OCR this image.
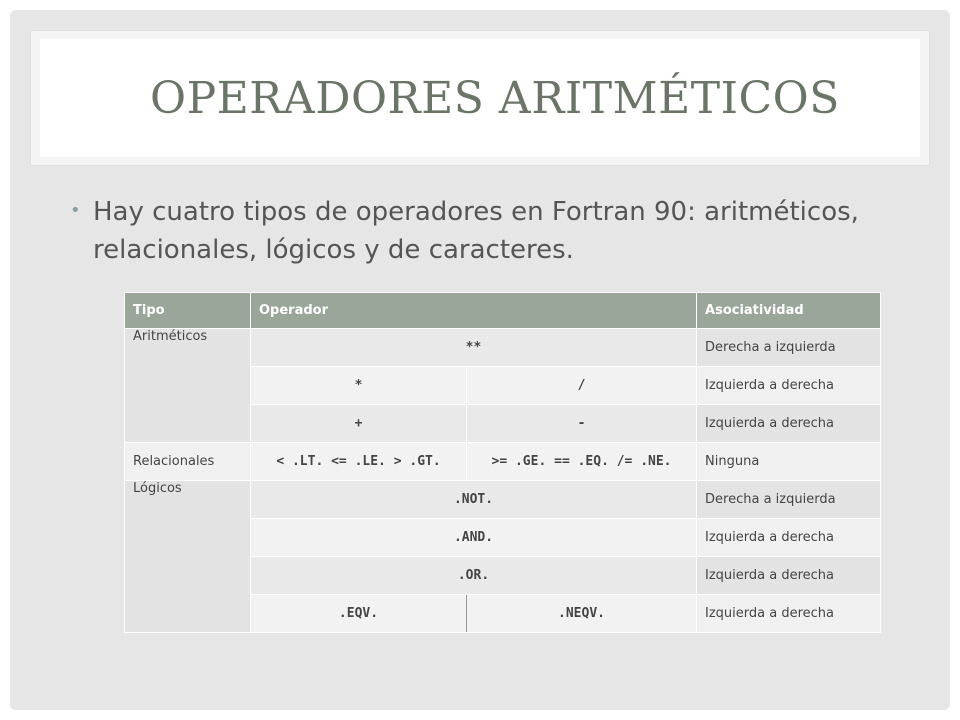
OPERADORES ARITMÉTICOS
• Hay cuatro tipos de operadores en Fortran 90: aritméticos, relacionales, lógicos y de caracteres.
Tipo	Operador		Asociatividad
Aritméticos	**		Derecha a izquierda
	*	/	Izquierda a derecha
	+	-	Izquierda a derecha
Relacionales	< .LT. <= .LE. > .GT.	>= .GE. == .EQ. /= .NE.	Ninguna
Lógicos	.NOT.		Derecha a izquierda
	.AND.		Izquierda a derecha
	.OR.		Izquierda a derecha
	.EQV.	.NEQV.	Izquierda a derecha
